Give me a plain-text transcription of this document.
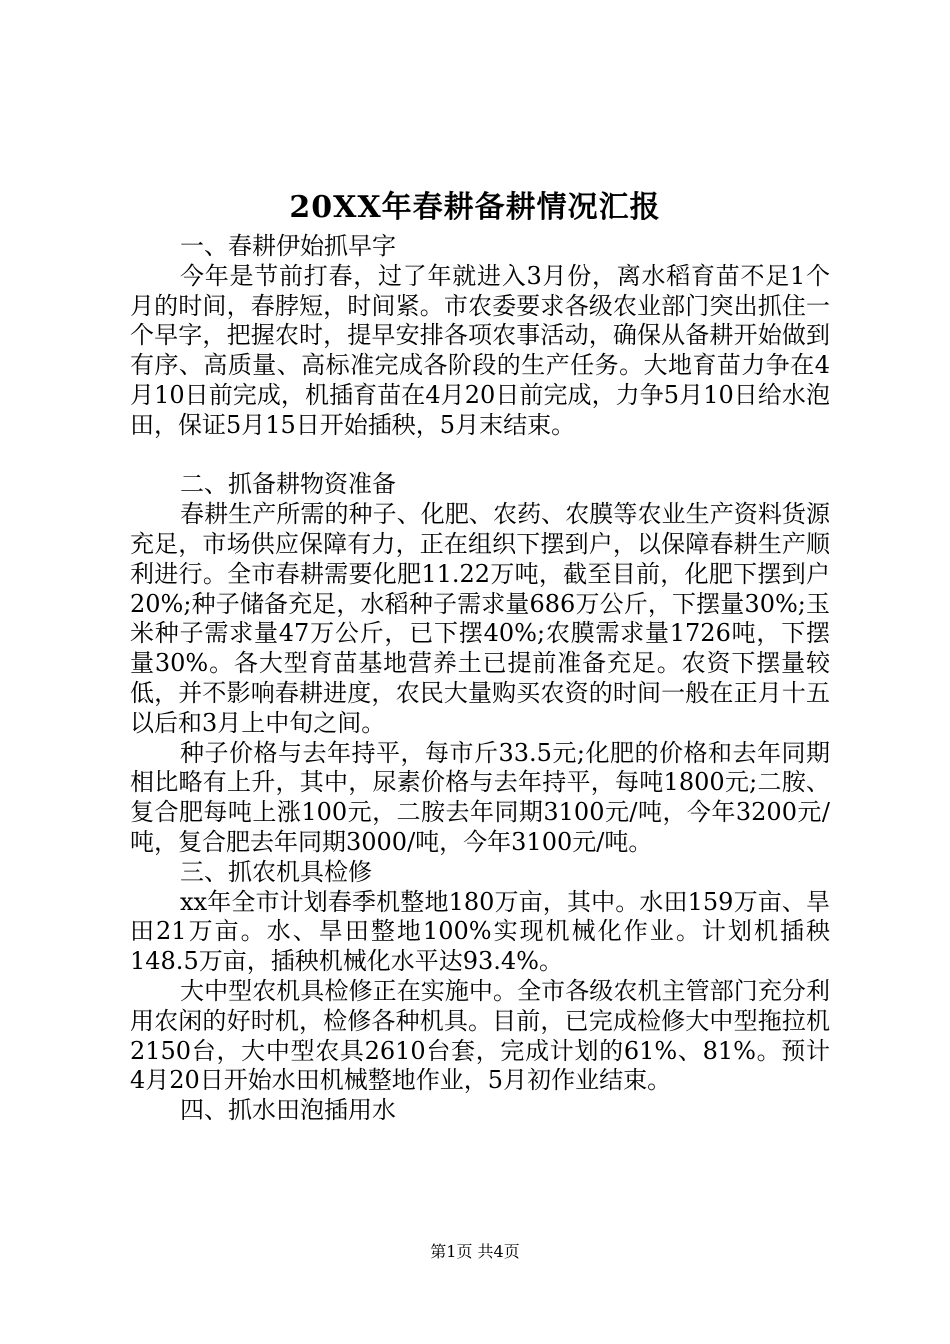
20XX年春耕备耕情况汇报

一、春耕伊始抓早字

今年是节前打春，过了年就进入3月份，离水稻育苗不足1个月的时间，春脖短，时间紧。市农委要求各级农业部门突出抓住一个早字，把握农时，提早安排各项农事活动，确保从备耕开始做到有序、高质量、高标准完成各阶段的生产任务。大地育苗力争在4月10日前完成，机插育苗在4月20日前完成，力争5月10日给水泡田，保证5月15日开始插秧，5月末结束。

二、抓备耕物资准备

春耕生产所需的种子、化肥、农药、农膜等农业生产资料货源充足，市场供应保障有力，正在组织下摆到户，以保障春耕生产顺利进行。全市春耕需要化肥11.22万吨，截至目前，化肥下摆到户20%;种子储备充足，水稻种子需求量686万公斤，下摆量30%;玉米种子需求量47万公斤，已下摆40%;农膜需求量1726吨，下摆量30%。各大型育苗基地营养土已提前准备充足。农资下摆量较低，并不影响春耕进度，农民大量购买农资的时间一般在正月十五以后和3月上中旬之间。

种子价格与去年持平，每市斤33.5元;化肥的价格和去年同期相比略有上升，其中，尿素价格与去年持平，每吨1800元;二胺、复合肥每吨上涨100元，二胺去年同期3100元/吨，今年3200元/吨，复合肥去年同期3000/吨，今年3100元/吨。

三、抓农机具检修

xx年全市计划春季机整地180万亩，其中。水田159万亩、旱田21万亩。水、旱田整地100%实现机械化作业。计划机插秧148.5万亩，插秧机械化水平达93.4%。

大中型农机具检修正在实施中。全市各级农机主管部门充分利用农闲的好时机，检修各种机具。目前，已完成检修大中型拖拉机2150台，大中型农具2610台套，完成计划的61%、81%。预计4月20日开始水田机械整地作业，5月初作业结束。

四、抓水田泡插用水

第1页 共4页
